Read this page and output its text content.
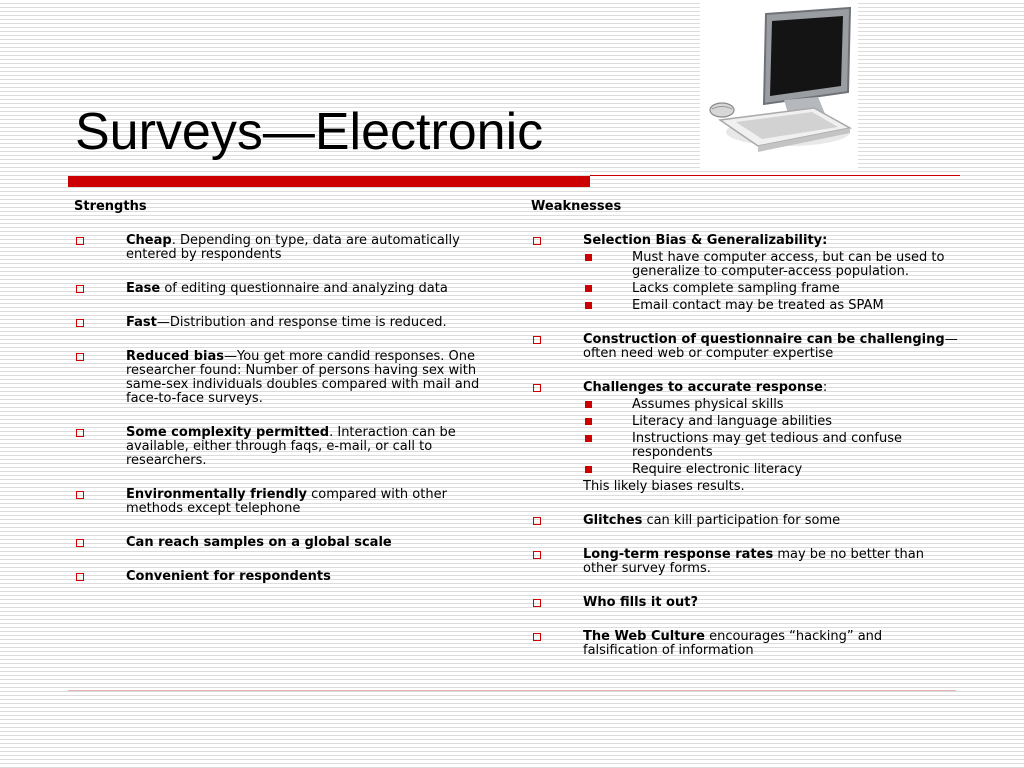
Surveys—Electronic
Strengths
Cheap. Depending on type, data are automatically entered by respondents
Ease of editing questionnaire and analyzing data
Fast—Distribution and response time is reduced.
Reduced bias—You get more candid responses. One researcher found: Number of persons having sex with same-sex individuals doubles compared with mail and face-to-face surveys.
Some complexity permitted. Interaction can be available, either through faqs, e-mail, or call to researchers.
Environmentally friendly compared with other methods except telephone
Can reach samples on a global scale
Convenient for respondents
Weaknesses
Selection Bias & Generalizability:
Must have computer access, but can be used to generalize to computer-access population.
Lacks complete sampling frame
Email contact may be treated as SPAM
Construction of questionnaire can be challenging—often need web or computer expertise
Challenges to accurate response:
Assumes physical skills
Literacy and language abilities
Instructions may get tedious and confuse respondents
Require electronic literacy
This likely biases results.
Glitches can kill participation for some
Long-term response rates may be no better than other survey forms.
Who fills it out?
The Web Culture encourages “hacking” and falsification of information
